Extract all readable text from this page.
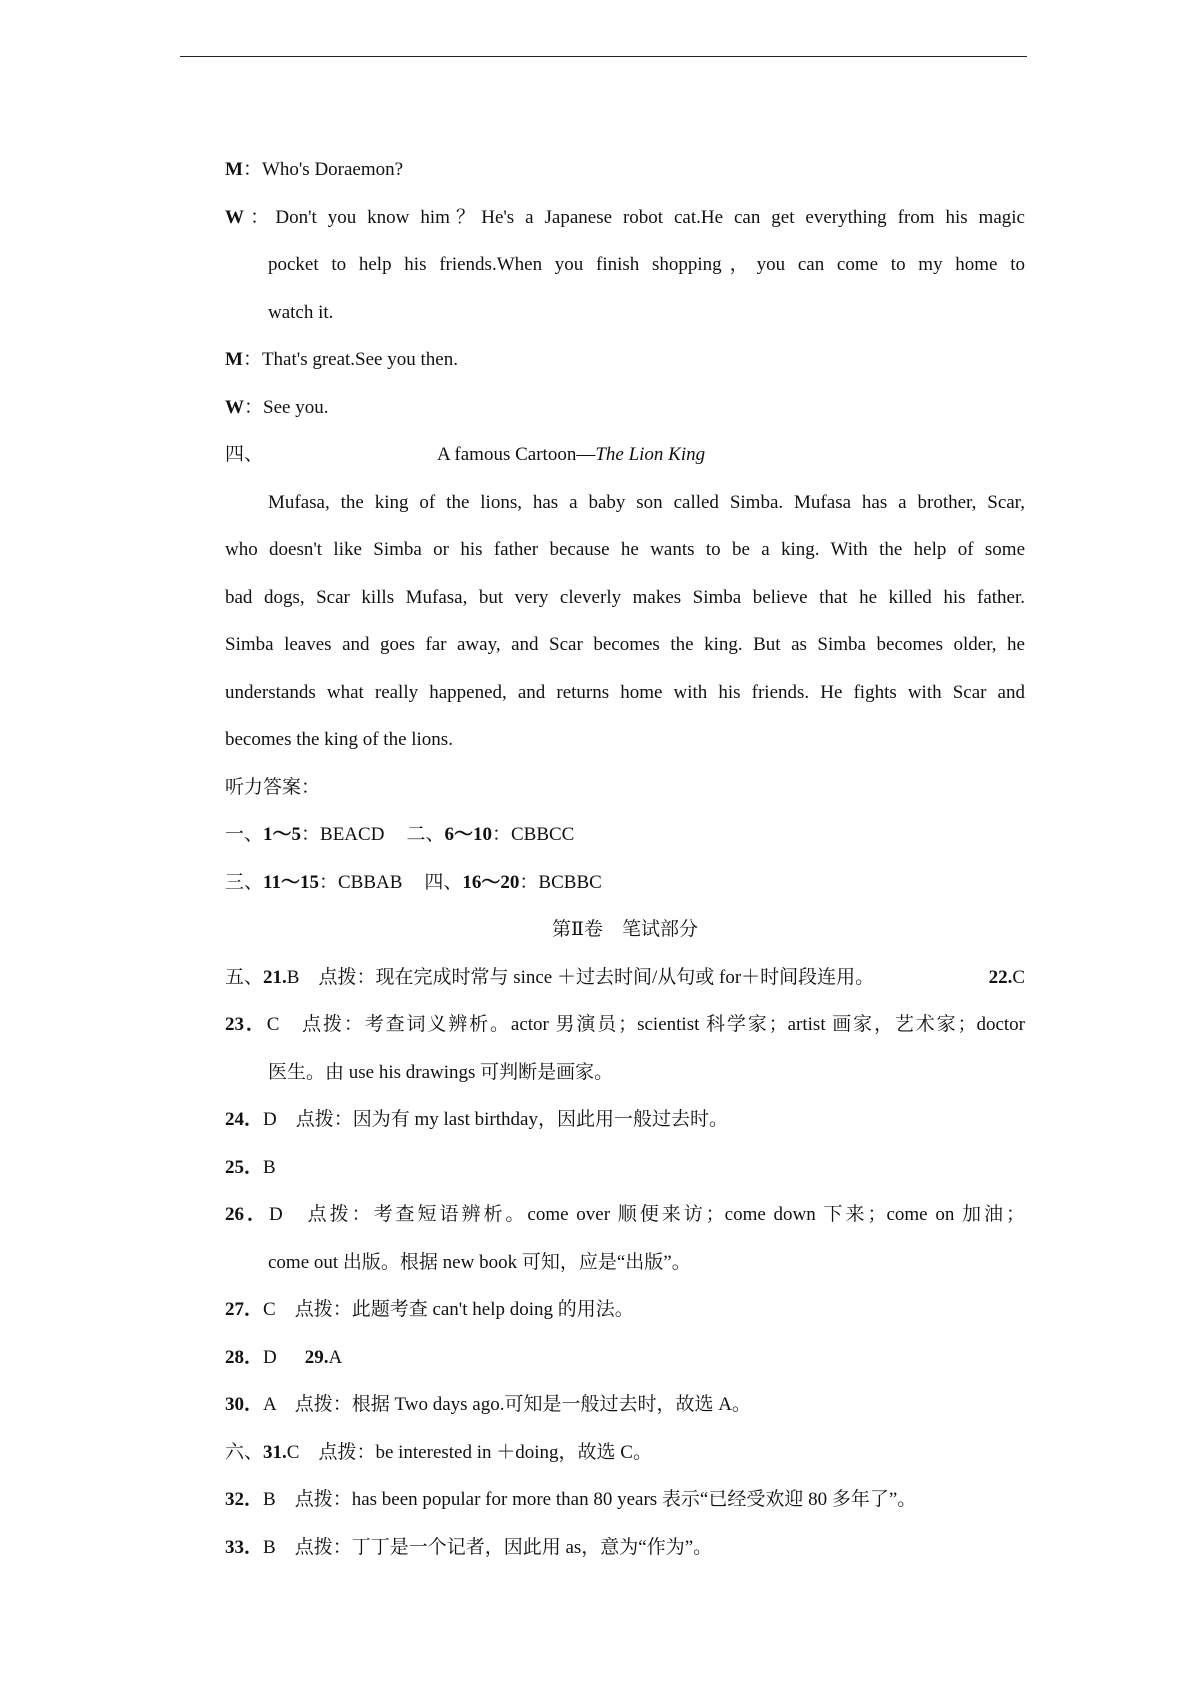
M：Who's Doraemon?
W：Don't you know him？He's a Japanese robot cat.He can get everything from his magic
pocket to help his friends.When you finish shopping，you can come to my home to
watch it.
M：That's great.See you then.
W：See you.
四、	A famous Cartoon—The Lion King
Mufasa, the king of the lions, has a baby son called Simba. Mufasa has a brother, Scar,
who doesn't like Simba or his father because he wants to be a king. With the help of some
bad dogs, Scar kills Mufasa, but very cleverly makes Simba believe that he killed his father.
Simba leaves and goes far away, and Scar becomes the king. But as Simba becomes older, he
understands what really happened, and returns home with his friends. He fights with Scar and
becomes the king of the lions.
听力答案：
一、1～5：BEACD 二、6～10：CBBCC
三、11～15：CBBAB 四、16～20：BCBBC
第Ⅱ卷　笔试部分
五、21.B　点拨：现在完成时常与 since ＋过去时间/从句或 for＋时间段连用。	22.C
23．C　点拨：考查词义辨析。actor 男演员；scientist 科学家；artist 画家，艺术家；doctor
医生。由 use his drawings 可判断是画家。
24．D　点拨：因为有 my last birthday，因此用一般过去时。
25．B
26．D　点拨：考查短语辨析。come over 顺便来访；come down 下来；come on 加油；
come out 出版。根据 new book 可知，应是“出版”。
27．C　点拨：此题考查 can't help doing 的用法。
28．D 29.A
30．A　点拨：根据 Two days ago.可知是一般过去时，故选 A。
六、31.C　点拨：be interested in ＋doing，故选 C。
32．B　点拨：has been popular for more than 80 years 表示“已经受欢迎 80 多年了”。
33．B　点拨：丁丁是一个记者，因此用 as，意为“作为”。
